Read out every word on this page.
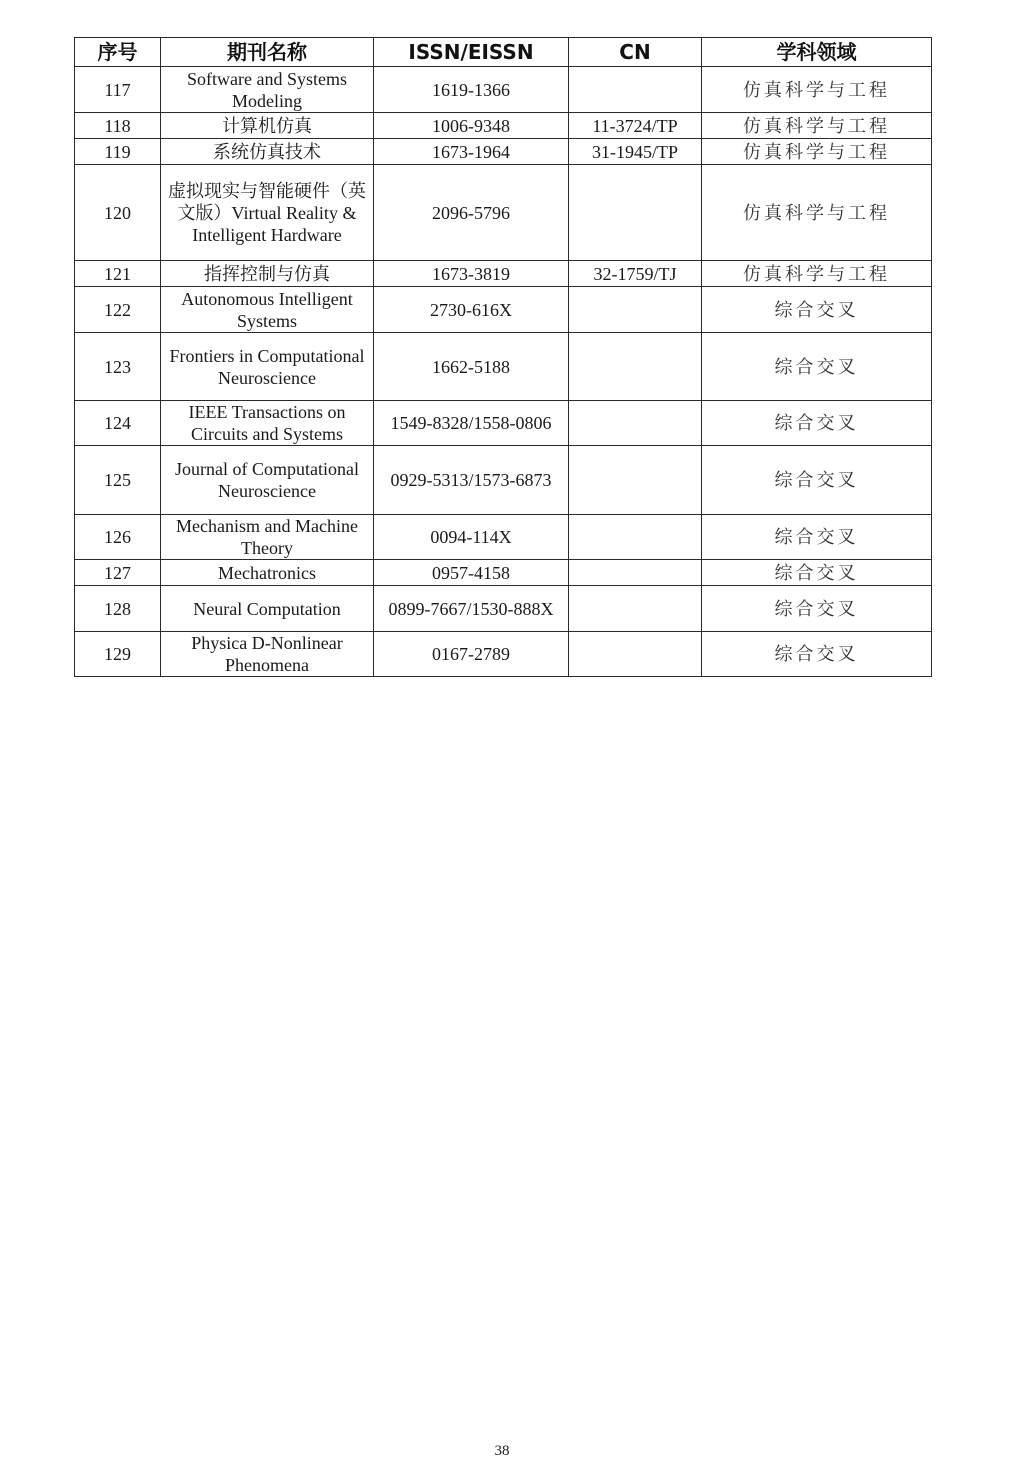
序号	期刊名称	ISSN/EISSN	CN	学科领域
117	Software and Systems Modeling	1619-1366		仿真科学与工程
118	计算机仿真	1006-9348	11-3724/TP	仿真科学与工程
119	系统仿真技术	1673-1964	31-1945/TP	仿真科学与工程
120	虚拟现实与智能硬件（英文版）Virtual Reality & Intelligent Hardware	2096-5796		仿真科学与工程
121	指挥控制与仿真	1673-3819	32-1759/TJ	仿真科学与工程
122	Autonomous Intelligent Systems	2730-616X		综合交叉
123	Frontiers in Computational Neuroscience	1662-5188		综合交叉
124	IEEE Transactions on Circuits and Systems	1549-8328/1558-0806		综合交叉
125	Journal of Computational Neuroscience	0929-5313/1573-6873		综合交叉
126	Mechanism and Machine Theory	0094-114X		综合交叉
127	Mechatronics	0957-4158		综合交叉
128	Neural Computation	0899-7667/1530-888X		综合交叉
129	Physica D-Nonlinear Phenomena	0167-2789		综合交叉
38
